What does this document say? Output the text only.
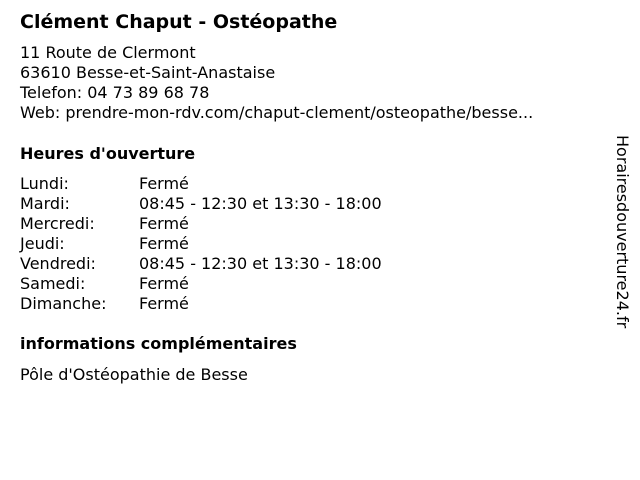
Clément Chaput - Ostéopathe
11 Route de Clermont
63610 Besse-et-Saint-Anastaise
Telefon: 04 73 89 68 78
Web: prendre-mon-rdv.com/chaput-clement/osteopathe/besse...
Heures d'ouverture
Lundi:	Fermé
Mardi:	08:45 - 12:30 et 13:30 - 18:00
Mercredi:	Fermé
Jeudi:	Fermé
Vendredi:	08:45 - 12:30 et 13:30 - 18:00
Samedi:	Fermé
Dimanche: Fermé
informations complémentaires
Pôle d'Ostéopathie de Besse
Horairesdouverture24.fr
